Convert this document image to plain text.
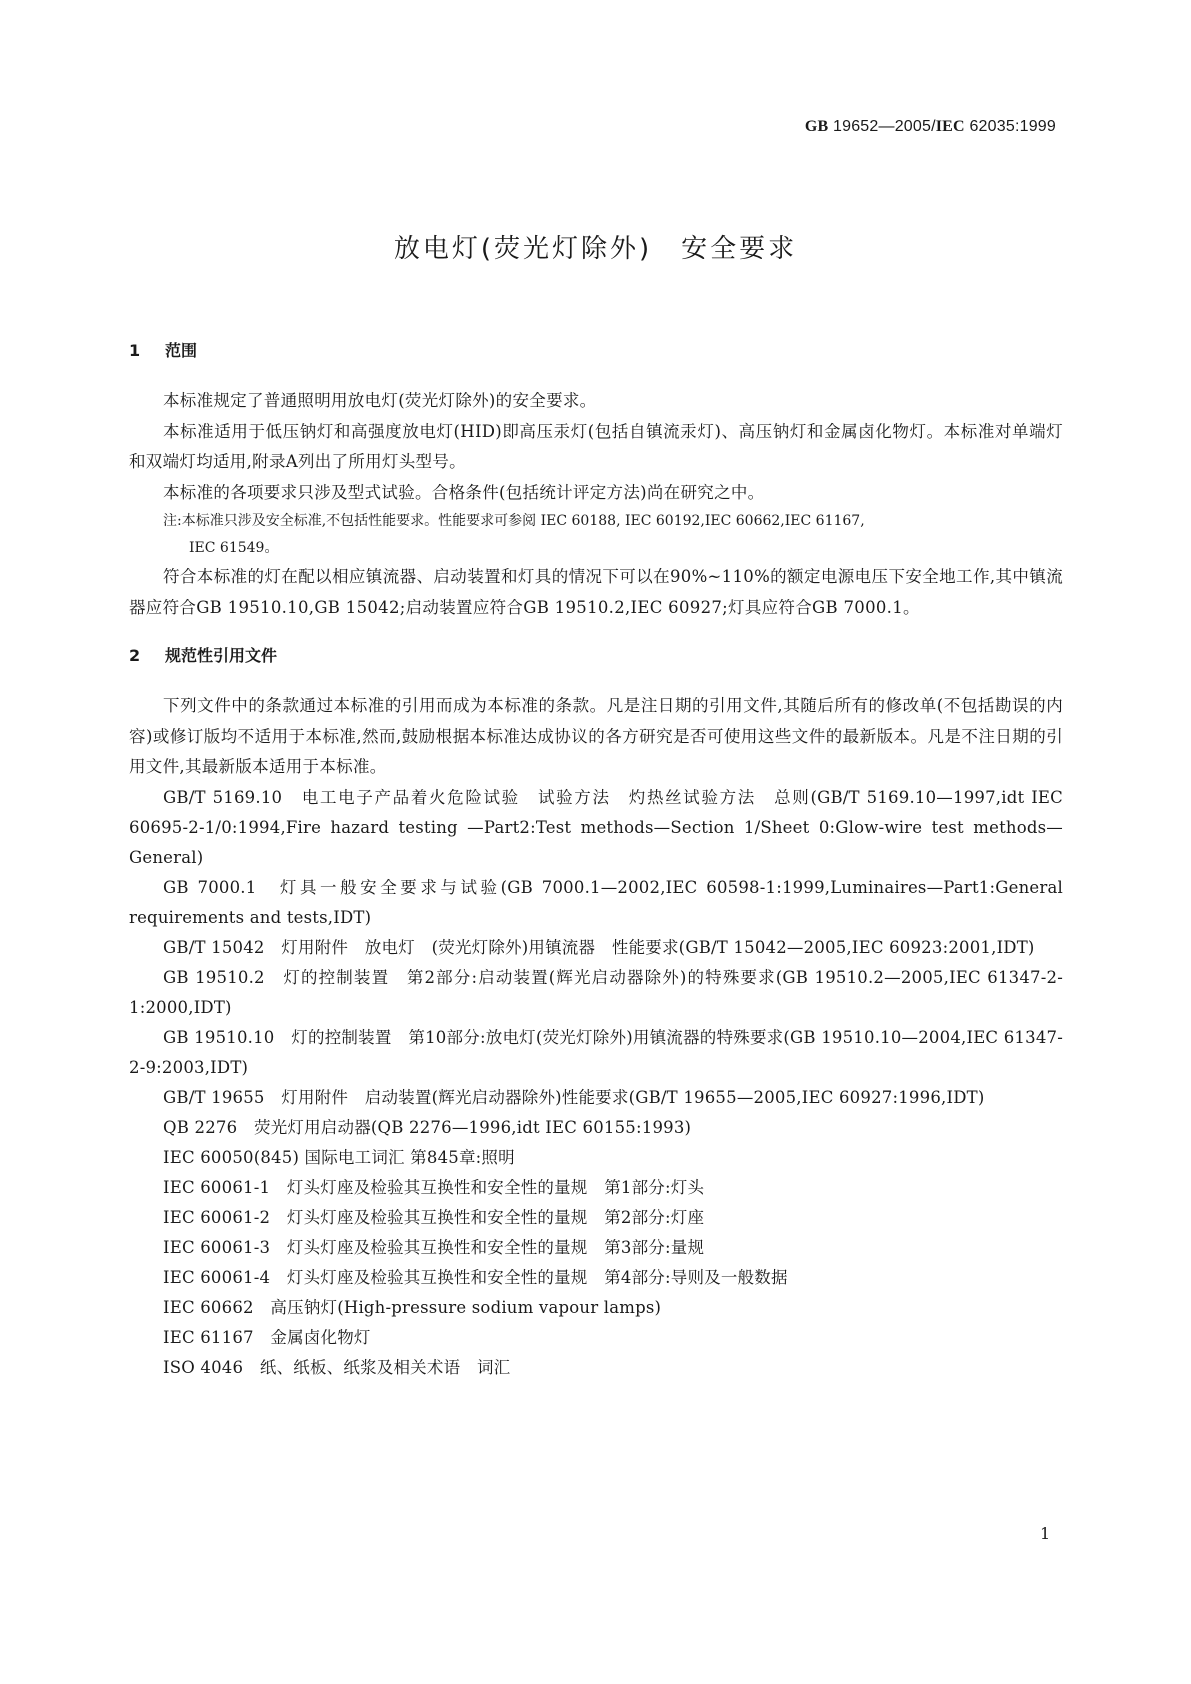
GB 19652—2005/IEC 62035:1999
放电灯(荧光灯除外)　安全要求
1 范围

本标准规定了普通照明用放电灯(荧光灯除外)的安全要求。

本标准适用于低压钠灯和高强度放电灯(HID)即高压汞灯(包括自镇流汞灯)、高压钠灯和金属卤化物灯。本标准对单端灯和双端灯均适用,附录A列出了所用灯头型号。

本标准的各项要求只涉及型式试验。合格条件(包括统计评定方法)尚在研究之中。

注:本标准只涉及安全标准,不包括性能要求。性能要求可参阅 IEC 60188, IEC 60192,IEC 60662,IEC 61167,
IEC 61549。

符合本标准的灯在配以相应镇流器、启动装置和灯具的情况下可以在90%~110%的额定电源电压下安全地工作,其中镇流器应符合GB 19510.10,GB 15042;启动装置应符合GB 19510.2,IEC 60927;灯具应符合GB 7000.1。

2 规范性引用文件

下列文件中的条款通过本标准的引用而成为本标准的条款。凡是注日期的引用文件,其随后所有的修改单(不包括勘误的内容)或修订版均不适用于本标准,然而,鼓励根据本标准达成协议的各方研究是否可使用这些文件的最新版本。凡是不注日期的引用文件,其最新版本适用于本标准。

GB/T 5169.10　电工电子产品着火危险试验　试验方法　灼热丝试验方法　总则(GB/T 5169.10—1997,idt IEC 60695-2-1/0:1994,Fire hazard testing —Part2:Test methods—Section 1/Sheet 0:Glow-wire test methods—General)

GB 7000.1　灯具一般安全要求与试验(GB 7000.1—2002,IEC 60598-1:1999,Luminaires—Part1:General requirements and tests,IDT)

GB/T 15042　灯用附件　放电灯　(荧光灯除外)用镇流器　性能要求(GB/T 15042—2005,IEC 60923:2001,IDT)

GB 19510.2　灯的控制装置　第2部分:启动装置(辉光启动器除外)的特殊要求(GB 19510.2—2005,IEC 61347-2-1:2000,IDT)

GB 19510.10　灯的控制装置　第10部分:放电灯(荧光灯除外)用镇流器的特殊要求(GB 19510.10—2004,IEC 61347-2-9:2003,IDT)

GB/T 19655　灯用附件　启动装置(辉光启动器除外)性能要求(GB/T 19655—2005,IEC 60927:1996,IDT)

QB 2276　荧光灯用启动器(QB 2276—1996,idt IEC 60155:1993)

IEC 60050(845) 国际电工词汇 第845章:照明

IEC 60061-1　灯头灯座及检验其互换性和安全性的量规　第1部分:灯头

IEC 60061-2　灯头灯座及检验其互换性和安全性的量规　第2部分:灯座

IEC 60061-3　灯头灯座及检验其互换性和安全性的量规　第3部分:量规

IEC 60061-4　灯头灯座及检验其互换性和安全性的量规　第4部分:导则及一般数据

IEC 60662　高压钠灯(High-pressure sodium vapour lamps)

IEC 61167　金属卤化物灯

ISO 4046　纸、纸板、纸浆及相关术语　词汇

1
